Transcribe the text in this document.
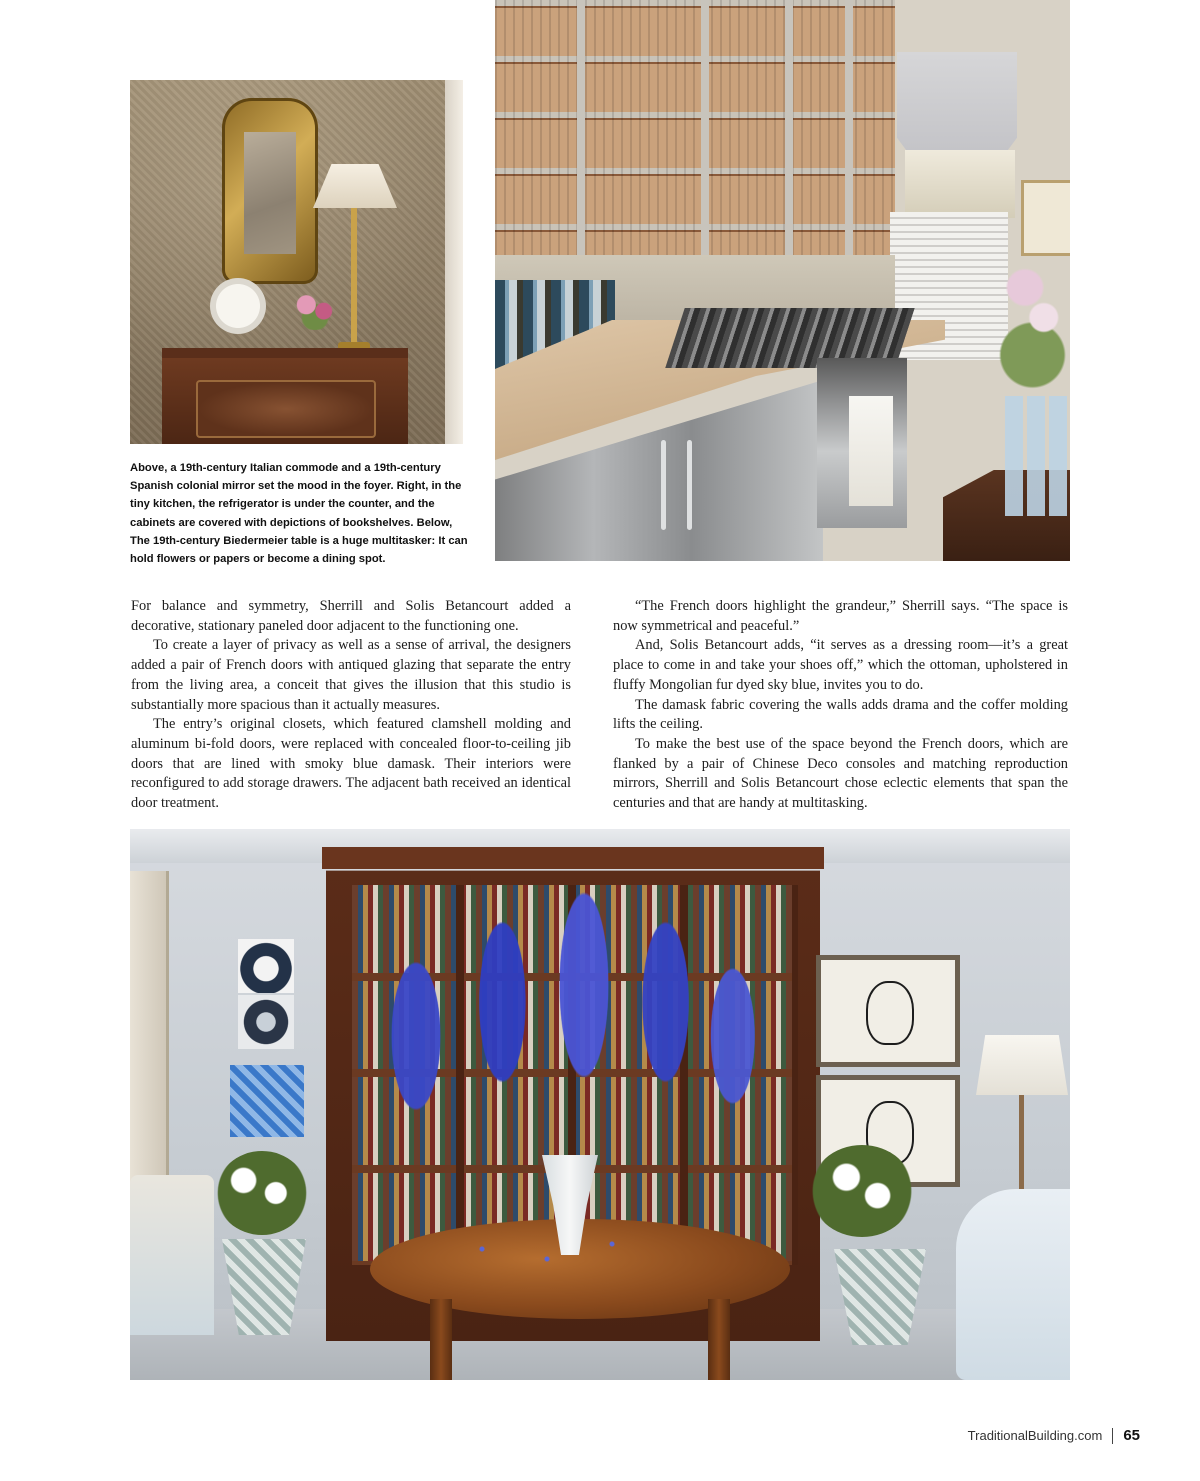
Above, a 19th-century Italian commode and a 19th-century Spanish colonial mirror set the mood in the foyer. Right, in the tiny kitchen, the refrigerator is under the counter, and the cabinets are covered with depictions of bookshelves. Below, The 19th-century Biedermeier table is a huge multitasker: It can hold flowers or papers or become a dining spot.

For balance and symmetry, Sherrill and Solis Betancourt added a decorative, stationary paneled door adjacent to the functioning one.

To create a layer of privacy as well as a sense of arrival, the designers added a pair of French doors with antiqued glazing that separate the entry from the living area, a conceit that gives the illusion that this studio is substantially more spacious than it actually measures.

The entry’s original closets, which featured clamshell molding and aluminum bi-fold doors, were replaced with concealed floor-to-ceiling jib doors that are lined with smoky blue damask. Their interiors were reconfigured to add storage drawers. The adjacent bath received an identical door treatment.

“The French doors highlight the grandeur,” Sherrill says. “The space is now symmetrical and peaceful.”

And, Solis Betancourt adds, “it serves as a dressing room—it’s a great place to come in and take your shoes off,” which the ottoman, upholstered in fluffy Mongolian fur dyed sky blue, invites you to do.

The damask fabric covering the walls adds drama and the coffer molding lifts the ceiling.

To make the best use of the space beyond the French doors, which are flanked by a pair of Chinese Deco consoles and matching reproduction mirrors, Sherrill and Solis Betancourt chose eclectic elements that span the centuries and that are handy at multitasking.

TraditionalBuilding.com 65
